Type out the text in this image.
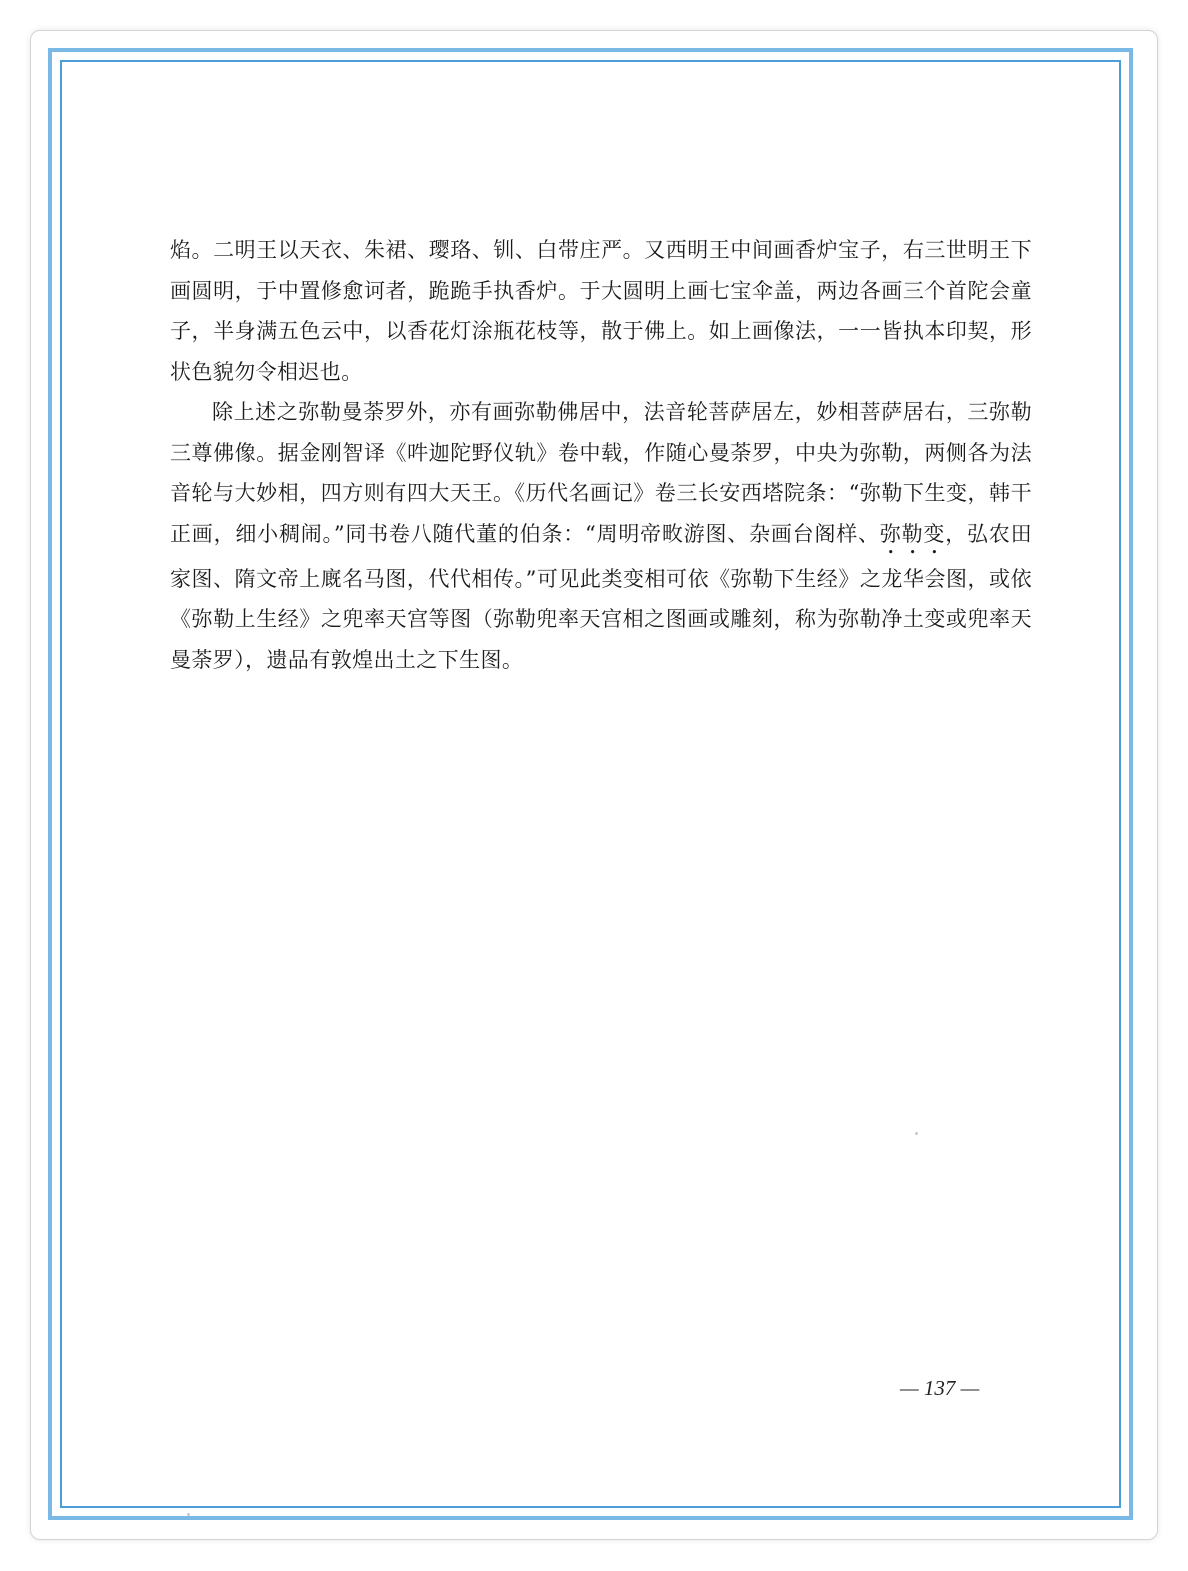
焰。二明王以天衣、朱裙、璎珞、钏、白带庄严。又西明王中间画香炉宝子，右三世明王下画圆明，于中置修愈诃者，跪跪手执香炉。于大圆明上画七宝伞盖，两边各画三个首陀会童子，半身满五色云中，以香花灯涂瓶花枝等，散于佛上。如上画像法，一一皆执本印契，形状色貌勿令相迟也。

除上述之弥勒曼荼罗外，亦有画弥勒佛居中，法音轮菩萨居左，妙相菩萨居右，三弥勒三尊佛像。据金刚智译《吽迦陀野仪轨》卷中载，作随心曼荼罗，中央为弥勒，两侧各为法音轮与大妙相，四方则有四大天王。《历代名画记》卷三长安西塔院条：“弥勒下生变，韩干正画，细小稠闹。”同书卷八随代董的伯条：“周明帝畋游图、杂画台阁样、弥勒变，弘农田家图、隋文帝上廐名马图，代代相传。”可见此类变相可依《弥勒下生经》之龙华会图，或依《弥勒上生经》之兜率天宫等图（弥勒兜率天宫相之图画或雕刻，称为弥勒净土变或兜率天曼荼罗），遗品有敦煌出土之下生图。

— 137 —
